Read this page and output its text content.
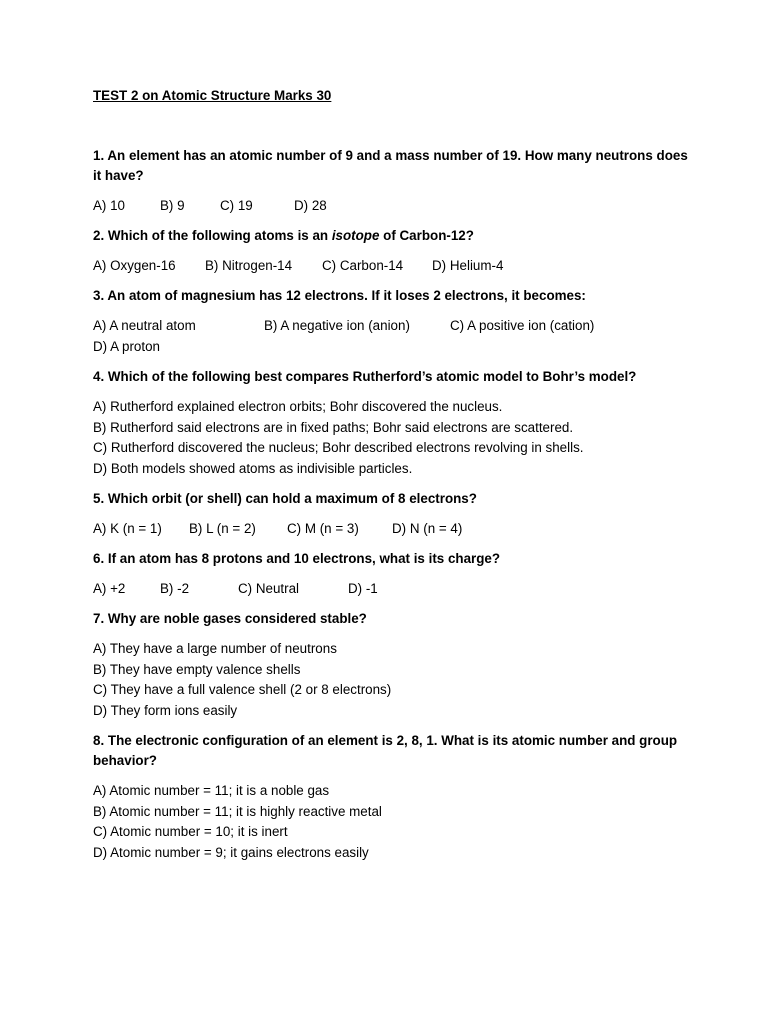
TEST 2 on Atomic Structure Marks 30
1. An element has an atomic number of 9 and a mass number of 19. How many neutrons does it have?
A) 10	B) 9	C) 19	D) 28
2. Which of the following atoms is an isotope of Carbon-12?
A) Oxygen-16	B) Nitrogen-14	C) Carbon-14	D) Helium-4
3. An atom of magnesium has 12 electrons. If it loses 2 electrons, it becomes:
A) A neutral atom	B) A negative ion (anion)	C) A positive ion (cation)
D) A proton
4. Which of the following best compares Rutherford’s atomic model to Bohr’s model?
A) Rutherford explained electron orbits; Bohr discovered the nucleus.
B) Rutherford said electrons are in fixed paths; Bohr said electrons are scattered.
C) Rutherford discovered the nucleus; Bohr described electrons revolving in shells.
D) Both models showed atoms as indivisible particles.
5. Which orbit (or shell) can hold a maximum of 8 electrons?
A) K (n = 1)	B) L (n = 2)	C) M (n = 3)	D) N (n = 4)
6. If an atom has 8 protons and 10 electrons, what is its charge?
A) +2	B) -2	C) Neutral	D) -1
7. Why are noble gases considered stable?
A) They have a large number of neutrons
B) They have empty valence shells
C) They have a full valence shell (2 or 8 electrons)
D) They form ions easily
8. The electronic configuration of an element is 2, 8, 1. What is its atomic number and group behavior?
A) Atomic number = 11; it is a noble gas
B) Atomic number = 11; it is highly reactive metal
C) Atomic number = 10; it is inert
D) Atomic number = 9; it gains electrons easily
